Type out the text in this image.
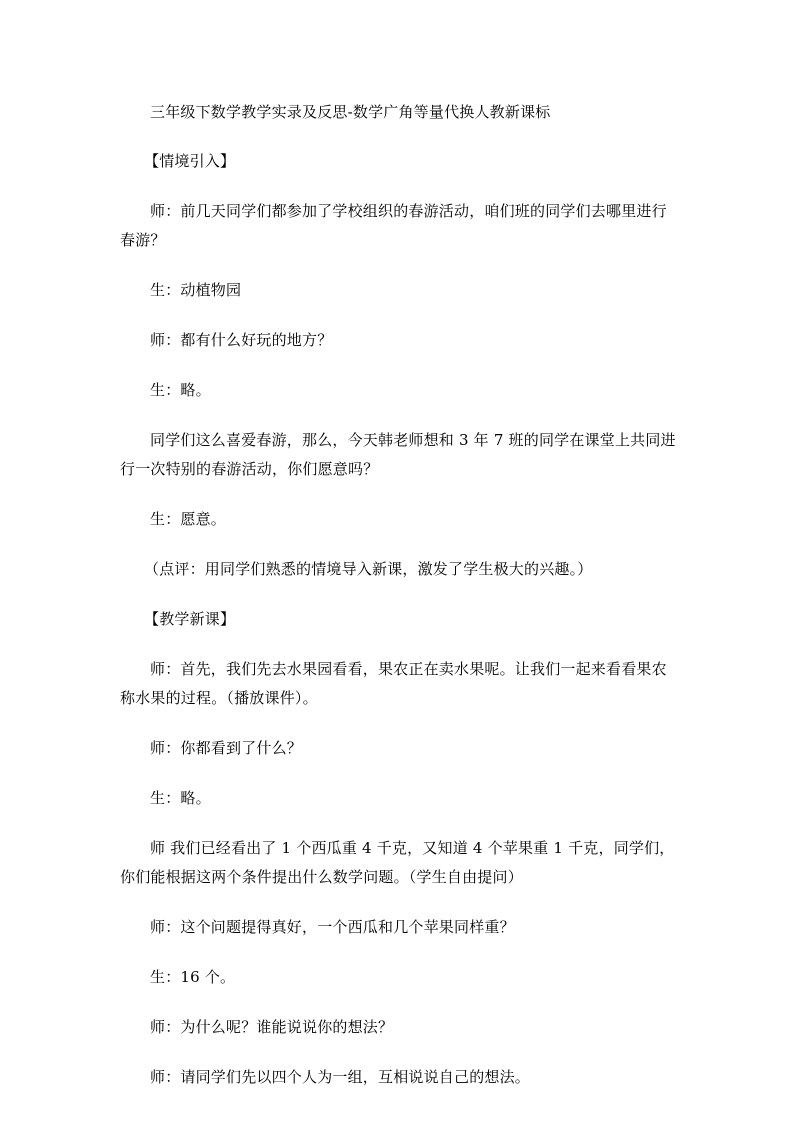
三年级下数学教学实录及反思-数学广角等量代换人教新课标

【情境引入】

师：前几天同学们都参加了学校组织的春游活动，咱们班的同学们去哪里进行春游？

生：动植物园

师：都有什么好玩的地方？

生：略。

同学们这么喜爱春游，那么，今天韩老师想和 3 年 7 班的同学在课堂上共同进行一次特别的春游活动，你们愿意吗？

生：愿意。

（点评：用同学们熟悉的情境导入新课，激发了学生极大的兴趣。）

【教学新课】

师：首先，我们先去水果园看看，果农正在卖水果呢。让我们一起来看看果农称水果的过程。（播放课件）。

师：你都看到了什么？

生：略。

师 我们已经看出了 1 个西瓜重 4 千克，又知道 4 个苹果重 1 千克，同学们，你们能根据这两个条件提出什么数学问题。（学生自由提问）

师：这个问题提得真好，一个西瓜和几个苹果同样重？

生：16 个。

师：为什么呢？谁能说说你的想法？

师：请同学们先以四个人为一组，互相说说自己的想法。
